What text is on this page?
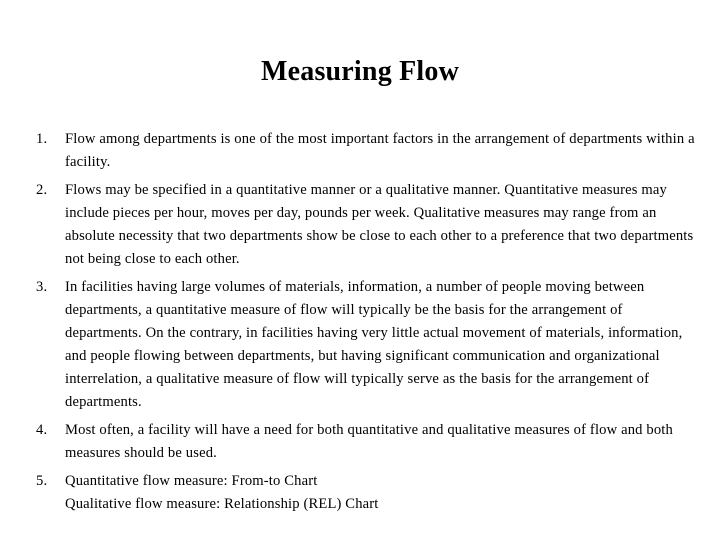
Measuring Flow
1. Flow among departments is one of the most important factors in the arrangement of departments within a facility.
2. Flows may be specified in a quantitative manner or a qualitative manner. Quantitative measures may include pieces per hour, moves per day, pounds per week. Qualitative measures may range from an absolute necessity that two departments show be close to each other to a preference that two departments not being close to each other.
3. In facilities having large volumes of materials, information, a number of people moving between departments, a quantitative measure of flow will typically be the basis for the arrangement of departments. On the contrary, in facilities having very little actual movement of materials, information, and people flowing between departments, but having significant communication and organizational interrelation, a qualitative measure of flow will typically serve as the basis for the arrangement of departments.
4. Most often, a facility will have a need for both quantitative and qualitative measures of flow and both measures should be used.
5. Quantitative flow measure: From-to Chart
Qualitative flow measure: Relationship (REL) Chart
